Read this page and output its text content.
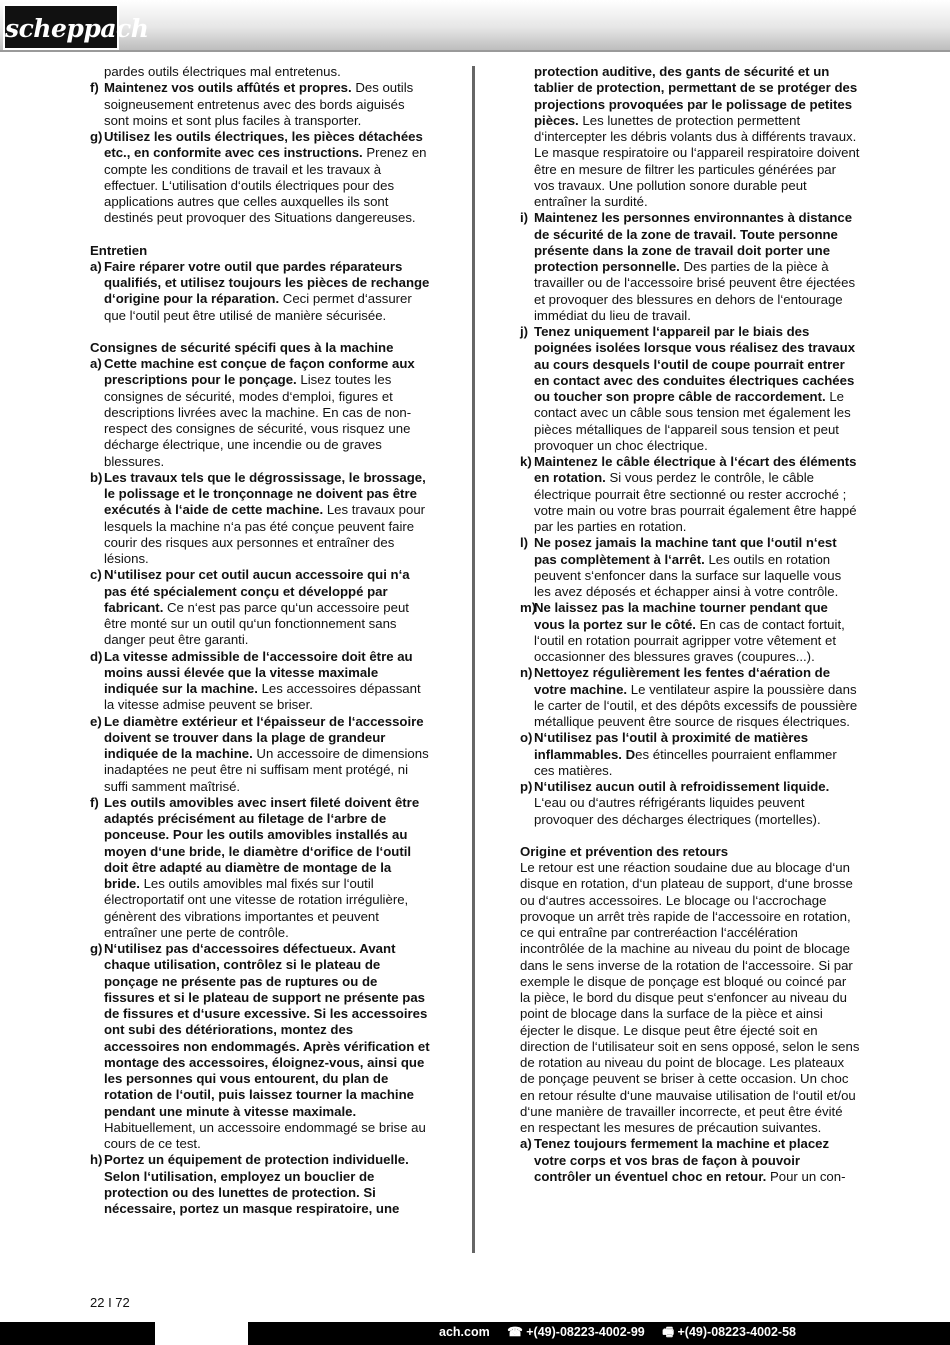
scheppach

pardes outils électriques mal entretenus.

f) Maintenez vos outils affûtés et propres. Des outils soigneusement entretenus avec des bords aiguisés sont moins et sont plus faciles à transporter.

g) Utilisez les outils électriques, les pièces détachées etc., en conformite avec ces instructions. Prenez en compte les conditions de travail et les travaux à effectuer. L‘utilisation d‘outils électriques pour des applications autres que celles auxquelles ils sont destinés peut provoquer des Situations dangereuses.

Entretien

a) Faire réparer votre outil que pardes réparateurs qualifiés, et utilisez toujours les pièces de rechange d‘origine pour la réparation. Ceci permet d‘assurer que l‘outil peut être utilisé de manière sécurisée.

Consignes de sécurité spécifi ques à la machine

a) Cette machine est conçue de façon conforme aux prescriptions pour le ponçage. Lisez toutes les consignes de sécurité, modes d‘emploi, figures et descriptions livrées avec la machine. En cas de non-respect des consignes de sécurité, vous risquez une décharge électrique, une incendie ou de graves blessures.

b) Les travaux tels que le dégrossissage, le brossage, le polissage et le tronçonnage ne doivent pas être exécutés à l‘aide de cette machine. Les travaux pour lesquels la machine n‘a pas été conçue peuvent faire courir des risques aux personnes et entraîner des lésions.

c) N‘utilisez pour cet outil aucun accessoire qui n‘a pas été spécialement conçu et développé par fabricant. Ce n‘est pas parce qu‘un accessoire peut être monté sur un outil qu‘un fonctionnement sans danger peut être garanti.

d) La vitesse admissible de l‘accessoire doit être au moins aussi élevée que la vitesse maximale indiquée sur la machine. Les accessoires dépassant la vitesse admise peuvent se briser.

e) Le diamètre extérieur et l‘épaisseur de l‘accessoire doivent se trouver dans la plage de grandeur indiquée de la machine. Un accessoire de dimensions inadaptées ne peut être ni suffisam ment protégé, ni suffi samment maîtrisé.

f) Les outils amovibles avec insert fileté doivent être adaptés précisément au filetage de l‘arbre de ponceuse. Pour les outils amovibles installés au moyen d‘une bride, le diamètre d‘orifice de l‘outil doit être adapté au diamètre de montage de la bride. Les outils amovibles mal fixés sur l‘outil électroportatif ont une vitesse de rotation irrégulière, génèrent des vibrations importantes et peuvent entraîner une perte de contrôle.

g) N‘utilisez pas d‘accessoires défectueux. Avant chaque utilisation, contrôlez si le plateau de ponçage ne présente pas de ruptures ou de fissures et si le plateau de support ne présente pas de fissures et d‘usure excessive. Si les accessoires ont subi des détériorations, montez des accessoires non endommagés. Après vérification et montage des accessoires, éloignez-vous, ainsi que les personnes qui vous entourent, du plan de rotation de l‘outil, puis laissez tourner la machine pendant une minute à vitesse maximale. Habituellement, un accessoire endommagé se brise au cours de ce test.

h) Portez un équipement de protection individuelle. Selon l‘utilisation, employez un bouclier de protection ou des lunettes de protection. Si nécessaire, portez un masque respiratoire, une

protection auditive, des gants de sécurité et un tablier de protection, permettant de se protéger des projections provoquées par le polissage de petites pièces. Les lunettes de protection permettent d‘intercepter les débris volants dus à différents travaux. Le masque respiratoire ou l‘appareil respiratoire doivent être en mesure de filtrer les particules générées par vos travaux. Une pollution sonore durable peut entraîner la surdité.

i) Maintenez les personnes environnantes à distance de sécurité de la zone de travail. Toute personne présente dans la zone de travail doit porter une protection personnelle. Des parties de la pièce à travailler ou de l‘accessoire brisé peuvent être éjectées et provoquer des blessures en dehors de l‘entourage immédiat du lieu de travail.

j) Tenez uniquement l‘appareil par le biais des poignées isolées lorsque vous réalisez des travaux au cours desquels l‘outil de coupe pourrait entrer en contact avec des conduites électriques cachées ou toucher son propre câble de raccordement. Le contact avec un câble sous tension met également les pièces métalliques de l‘appareil sous tension et peut provoquer un choc électrique.

k) Maintenez le câble électrique à l‘écart des éléments en rotation. Si vous perdez le contrôle, le câble électrique pourrait être sectionné ou rester accroché ; votre main ou votre bras pourrait également être happé par les parties en rotation.

l) Ne posez jamais la machine tant que l‘outil n‘est pas complètement à l‘arrêt. Les outils en rotation peuvent s‘enfoncer dans la surface sur laquelle vous les avez déposés et échapper ainsi à votre contrôle.

m)
Ne laissez pas la machine tourner pendant que vous la portez sur le côté. En cas de contact fortuit, l‘outil en rotation pourrait agripper votre vêtement et occasionner des blessures graves (coupures...).

n) Nettoyez régulièrement les fentes d‘aération de votre machine. Le ventilateur aspire la poussière dans le carter de l‘outil, et des dépôts excessifs de poussière métallique peuvent être source de risques électriques.

o) N‘utilisez pas l‘outil à proximité de matières inflammables. Des étincelles pourraient enflammer ces matières.

p) N‘utilisez aucun outil à refroidissement liquide. L‘eau ou d‘autres réfrigérants liquides peuvent provoquer des décharges électriques (mortelles).

Origine et prévention des retours

Le retour est une réaction soudaine due au blocage d‘un disque en rotation, d‘un plateau de support, d‘une brosse ou d‘autres accessoires. Le blocage ou l‘accrochage provoque un arrêt très rapide de l‘accessoire en rotation, ce qui entraîne par contreréaction l‘accélération incontrôlée de la machine au niveau du point de blocage dans le sens inverse de la rotation de l‘accessoire. Si par exemple le disque de ponçage est bloqué ou coincé par la pièce, le bord du disque peut s‘enfoncer au niveau du point de blocage dans la surface de la pièce et ainsi éjecter le disque. Le disque peut être éjecté soit en direction de l‘utilisateur soit en sens opposé, selon le sens de rotation au niveau du point de blocage. Les plateaux de ponçage peuvent se briser à cette occasion. Un choc en retour résulte d‘une mauvaise utilisation de l‘outil et/ou d‘une manière de travailler incorrecte, et peut être évité en respectant les mesures de précaution suivantes.

a) Tenez toujours fermement la machine et placez votre corps et vos bras de façon à pouvoir contrôler un éventuel choc en retour. Pour un con-

22 I 72
ach.com ☎ +(49)-08223-4002-99 🖷 +(49)-08223-4002-58
